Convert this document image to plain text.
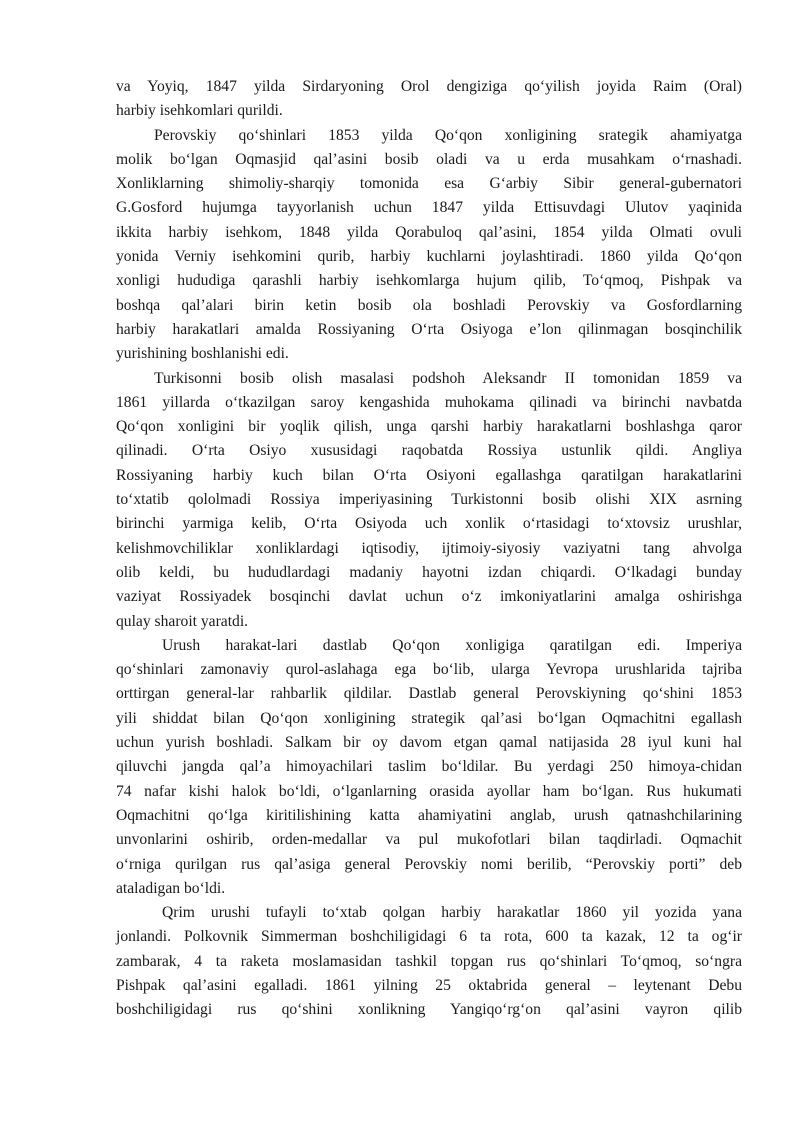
va Yoyiq, 1847 yilda Sirdaryoning Orol dengiziga qo‘yilish joyida Raim (Oral)
harbiy isehkomlari qurildi.
Perovskiy qo‘shinlari 1853 yilda Qo‘qon xonligining srategik ahamiyatga
molik bo‘lgan Oqmasjid qal’asini bosib oladi va u erda musahkam o‘rnashadi.
Xonliklarning shimoliy-sharqiy tomonida esa G‘arbiy Sibir general-gubernatori
G.Gosford hujumga tayyorlanish uchun 1847 yilda Ettisuvdagi Ulutov yaqinida
ikkita harbiy isehkom, 1848 yilda Qorabuloq qal’asini, 1854 yilda Olmati ovuli
yonida Verniy isehkomini qurib, harbiy kuchlarni joylashtiradi. 1860 yilda Qo‘qon
xonligi hududiga qarashli harbiy isehkomlarga hujum qilib, To‘qmoq, Pishpak va
boshqa qal’alari birin ketin bosib ola boshladi Perovskiy va Gosfordlarning
harbiy harakatlari amalda Rossiyaning O‘rta Osiyoga e’lon qilinmagan bosqinchilik
yurishining boshlanishi edi.
Turkisonni bosib olish masalasi podshoh Aleksandr II tomonidan 1859 va
1861 yillarda o‘tkazilgan saroy kengashida muhokama qilinadi va birinchi navbatda
Qo‘qon xonligini bir yoqlik qilish, unga qarshi harbiy harakatlarni boshlashga qaror
qilinadi. O‘rta Osiyo xususidagi raqobatda Rossiya ustunlik qildi. Angliya
Rossiyaning harbiy kuch bilan O‘rta Osiyoni egallashga qaratilgan harakatlarini
to‘xtatib qololmadi Rossiya imperiyasining Turkistonni bosib olishi XIX asrning
birinchi yarmiga kelib, O‘rta Osiyoda uch xonlik o‘rtasidagi to‘xtovsiz urushlar,
kelishmovchiliklar xonliklardagi iqtisodiy, ijtimoiy-siyosiy vaziyatni tang ahvolga
olib keldi, bu hududlardagi madaniy hayotni izdan chiqardi. O‘lkadagi bunday
vaziyat Rossiyadek bosqinchi davlat uchun o‘z imkoniyatlarini amalga oshirishga
qulay sharoit yaratdi.
Urush harakat-lari dastlab Qo‘qon xonligiga qaratilgan edi. Imperiya
qo‘shinlari zamonaviy qurol-aslahaga ega bo‘lib, ularga Yevropa urushlarida tajriba
orttirgan general-lar rahbarlik qildilar. Dastlab general Perovskiyning qo‘shini 1853
yili shiddat bilan Qo‘qon xonligining strategik qal’asi bo‘lgan Oqmachitni egallash
uchun yurish boshladi. Salkam bir oy davom etgan qamal natijasida 28 iyul kuni hal
qiluvchi jangda qal’a himoyachilari taslim bo‘ldilar. Bu yerdagi 250 himoya-chidan
74 nafar kishi halok bo‘ldi, o‘lganlarning orasida ayollar ham bo‘lgan. Rus hukumati
Oqmachitni qo‘lga kiritilishining katta ahamiyatini anglab, urush qatnashchilarining
unvonlarini oshirib, orden-medallar va pul mukofotlari bilan taqdirladi. Oqmachit
o‘rniga qurilgan rus qal’asiga general Perovskiy nomi berilib, “Perovskiy porti” deb
ataladigan bo‘ldi.
Qrim urushi tufayli to‘xtab qolgan harbiy harakatlar 1860 yil yozida yana
jonlandi. Polkovnik Simmerman boshchiligidagi 6 ta rota, 600 ta kazak, 12 ta og‘ir
zambarak, 4 ta raketa moslamasidan tashkil topgan rus qo‘shinlari To‘qmoq, so‘ngra
Pishpak qal’asini egalladi. 1861 yilning 25 oktabrida general – leytenant Debu
boshchiligidagi rus qo‘shini xonlikning Yangiqo‘rg‘on qal’asini vayron qilib
